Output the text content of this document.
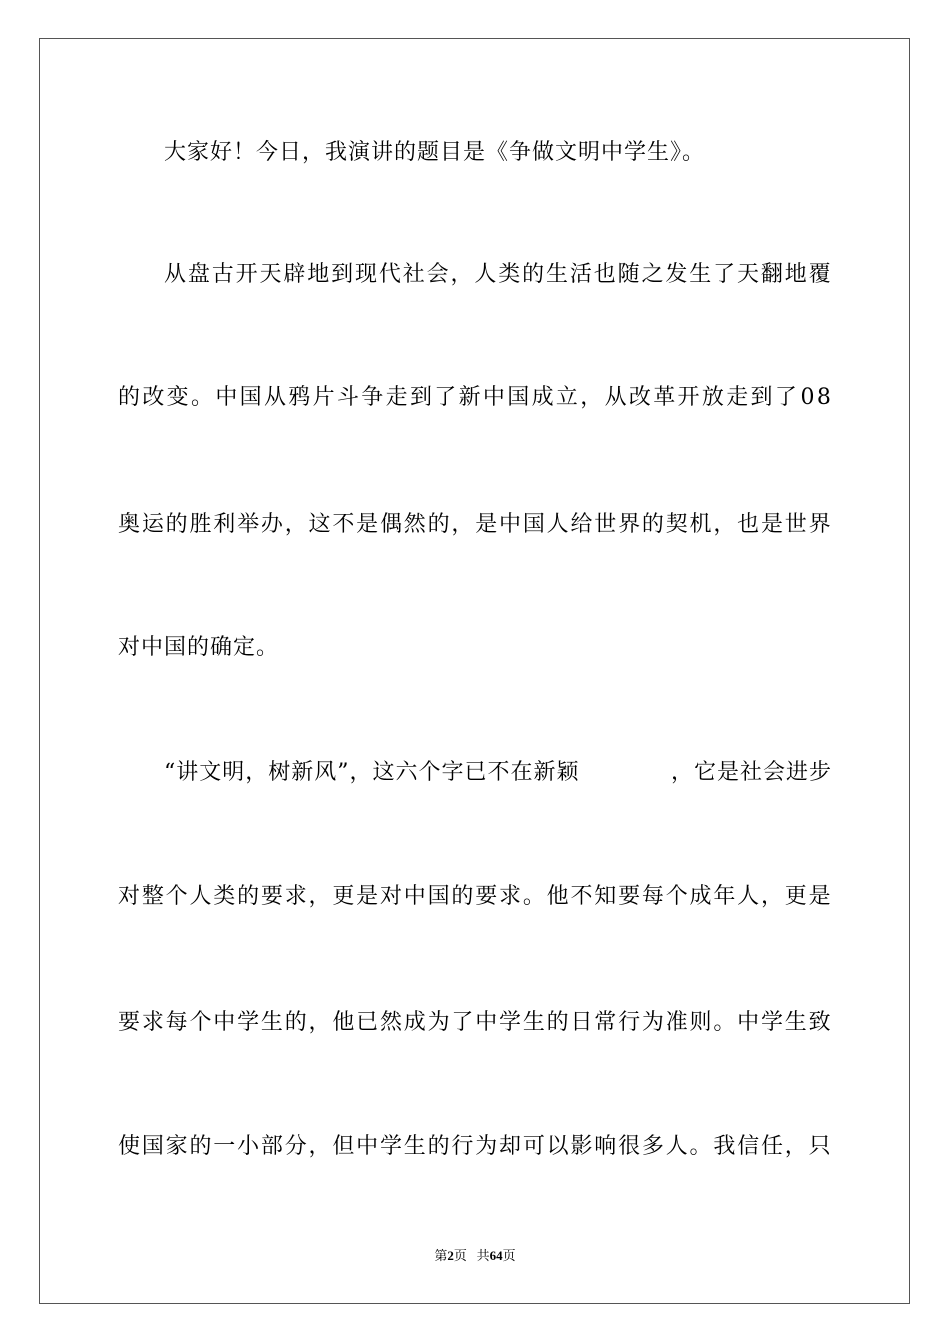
大家好！今日，我演讲的题目是《争做文明中学生》。
从 盘 古 开 天 辟 地 到 现 代 社 会 ， 人 类 的 生 活 也 随 之 发 生 了 天 翻 地 覆
的 改 变 。 中 国 从 鸦 片 斗 争 走 到 了 新 中 国 成 立 ， 从 改 革 开 放 走 到 了 0 8
奥 运 的 胜 利 举 办 ， 这 不 是 偶 然 的 ， 是 中 国 人 给 世 界 的 契 机 ， 也 是 世 界
对中国的确定。
“讲文明，树新风”，这六个字已不在新颖	，它是社会进步
对 整 个 人 类 的 要 求 ， 更 是 对 中 国 的 要 求 。 他 不 知 要 每 个 成 年 人 ， 更 是
要 求 每 个 中 学 生 的 ， 他 已 然 成 为 了 中 学 生 的 日 常 行 为 准 则 。 中 学 生 致
使 国 家 的 一 小 部 分 ， 但 中 学 生 的 行 为 却 可 以 影 响 很 多 人 。 我 信 任 ， 只
第2页 共64页
